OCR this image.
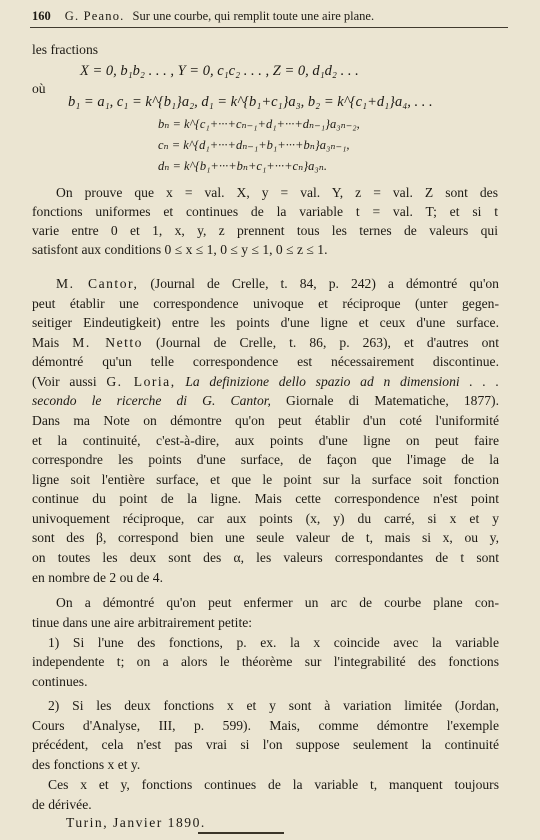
160 G. Peano. Sur une courbe, qui remplit toute une aire plane.
les fractions
X = 0, b₁b₂ . . . , Y = 0, c₁c₂ . . . , Z = 0, d₁d₂ . . .
où
b₁ = a₁, c₁ = k^{b₁}a₂, d₁ = k^{b₁+c₁}a₃, b₂ = k^{c₁+d₁}a₄, . . .
bₙ = k^{c₁+···+cₙ₋₁+d₁+···+dₙ₋₁}a₃ₙ₋₂,
cₙ = k^{d₁+···+dₙ₋₁+b₁+···+bₙ}a₃ₙ₋₁,
dₙ = k^{b₁+···+bₙ+c₁+···+cₙ}a₃ₙ.
On prouve que x = val. X, y = val. Y, z = val. Z sont des
fonctions uniformes et continues de la variable t = val. T; et si t
varie entre 0 et 1, x, y, z prennent tous les ternes de valeurs qui
satisfont aux conditions 0 ≤ x ≤ 1, 0 ≤ y ≤ 1, 0 ≤ z ≤ 1.
M. Cantor, (Journal de Crelle, t. 84, p. 242) a démontré qu'on
peut établir une correspondence univoque et réciproque (unter gegen-
seitiger Eindeutigkeit) entre les points d'une ligne et ceux d'une surface.
Mais M. Netto (Journal de Crelle, t. 86, p. 263), et d'autres ont
démontré qu'un telle correspondence est nécessairement discontinue.
(Voir aussi G. Loria, La definizione dello spazio ad n dimensioni . . .
secondo le ricerche di G. Cantor, Giornale di Matematiche, 1877).
Dans ma Note on démontre qu'on peut établir d'un coté l'uniformité
et la continuité, c'est-à-dire, aux points d'une ligne on peut faire
correspondre les points d'une surface, de façon que l'image de la
ligne soit l'entière surface, et que le point sur la surface soit fonction
continue du point de la ligne. Mais cette correspondence n'est point
univoquement réciproque, car aux points (x, y) du carré, si x et y
sont des β, correspond bien une seule valeur de t, mais si x, ou y,
on toutes les deux sont des α, les valeurs correspondantes de t sont
en nombre de 2 ou de 4.
On a démontré qu'on peut enfermer un arc de courbe plane con-
tinue dans une aire arbitrairement petite:
1) Si l'une des fonctions, p. ex. la x coincide avec la variable
independente t; on a alors le théorème sur l'integrabilité des fonctions
continues.
2) Si les deux fonctions x et y sont à variation limitée (Jordan,
Cours d'Analyse, III, p. 599). Mais, comme démontre l'exemple
précédent, cela n'est pas vrai si l'on suppose seulement la continuité
des fonctions x et y.
Ces x et y, fonctions continues de la variable t, manquent toujours
de dérivée.
Turin, Janvier 1890.
